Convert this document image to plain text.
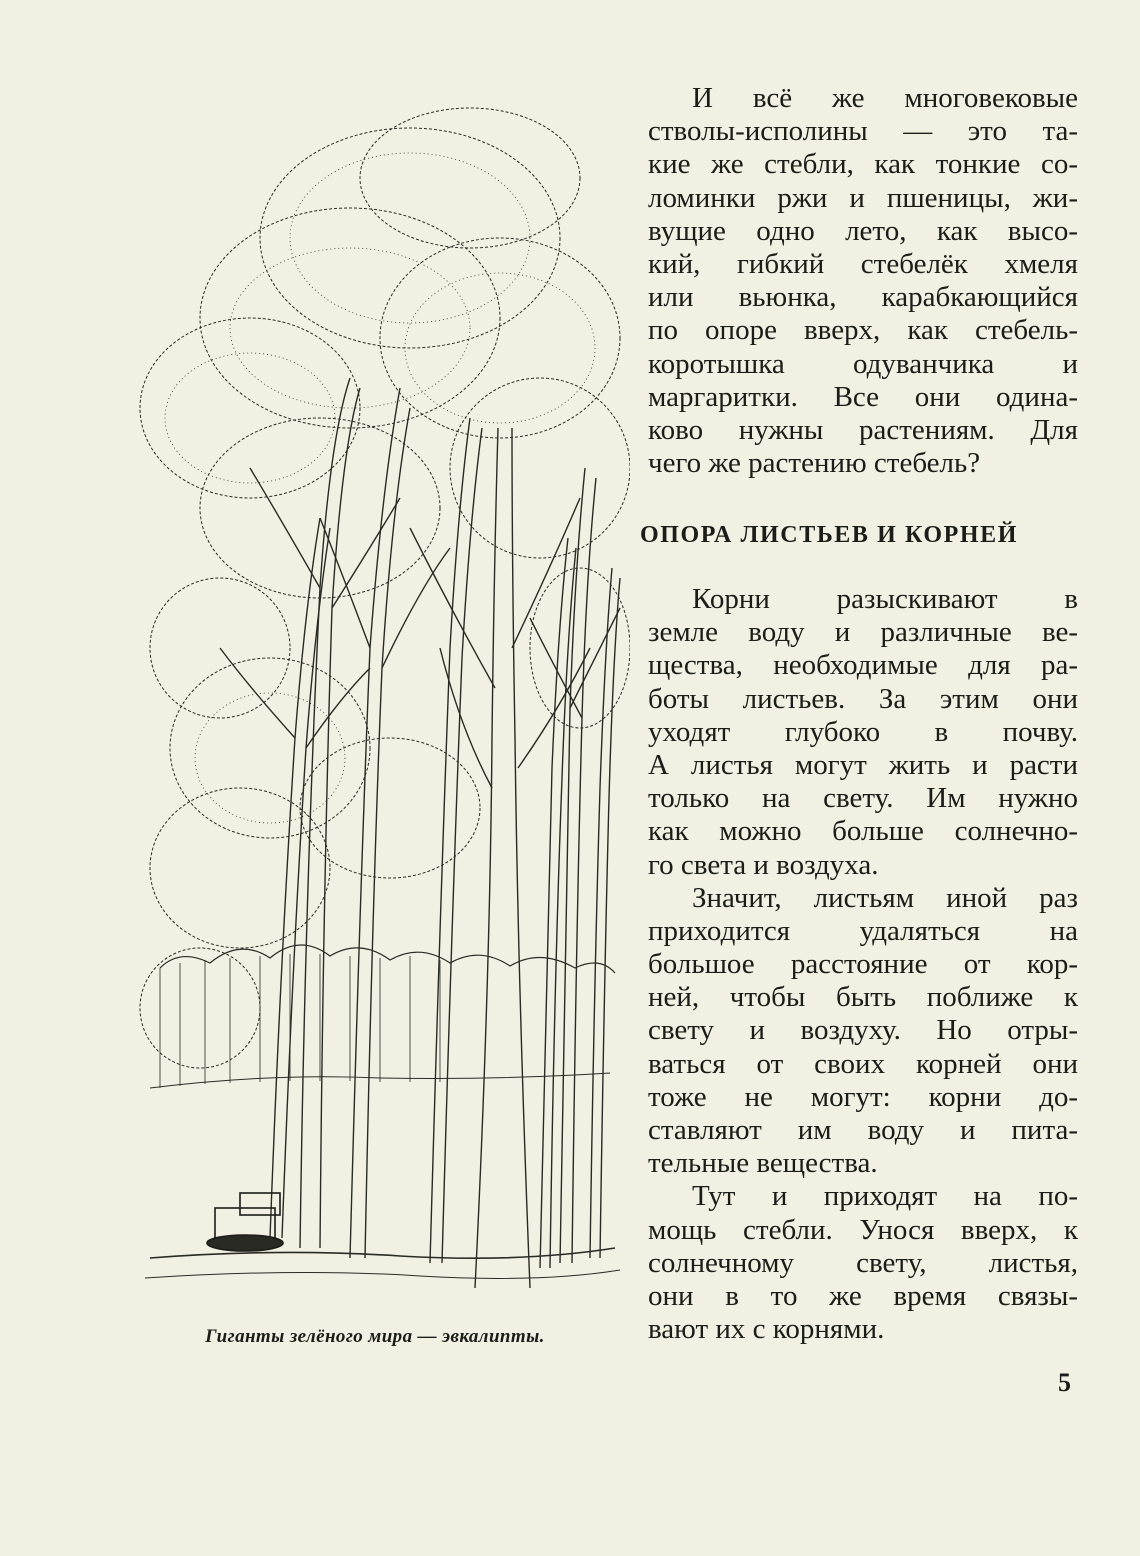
Гиганты зелёного мира — эвкалипты.
И всё же многовековые
стволы-исполины — это та-
кие же стебли, как тонкие со-
ломинки ржи и пшеницы, жи-
вущие одно лето, как высо-
кий, гибкий стебелёк хмеля
или вьюнка, карабкающийся
по опоре вверх, как стебель-
коротышка одуванчика и
маргаритки. Все они одина-
ково нужны растениям. Для
чего же растению стебель?
ОПОРА ЛИСТЬЕВ И КОРНЕЙ
Корни разыскивают в
земле воду и различные ве-
щества, необходимые для ра-
боты листьев. За этим они
уходят глубоко в почву.
А листья могут жить и расти
только на свету. Им нужно
как можно больше солнечно-
го света и воздуха.
Значит, листьям иной раз
приходится удаляться на
большое расстояние от кор-
ней, чтобы быть поближе к
свету и воздуху. Но отры-
ваться от своих корней они
тоже не могут: корни до-
ставляют им воду и пита-
тельные вещества.
Тут и приходят на по-
мощь стебли. Унося вверх, к
солнечному свету, листья,
они в то же время связы-
вают их с корнями.
5
